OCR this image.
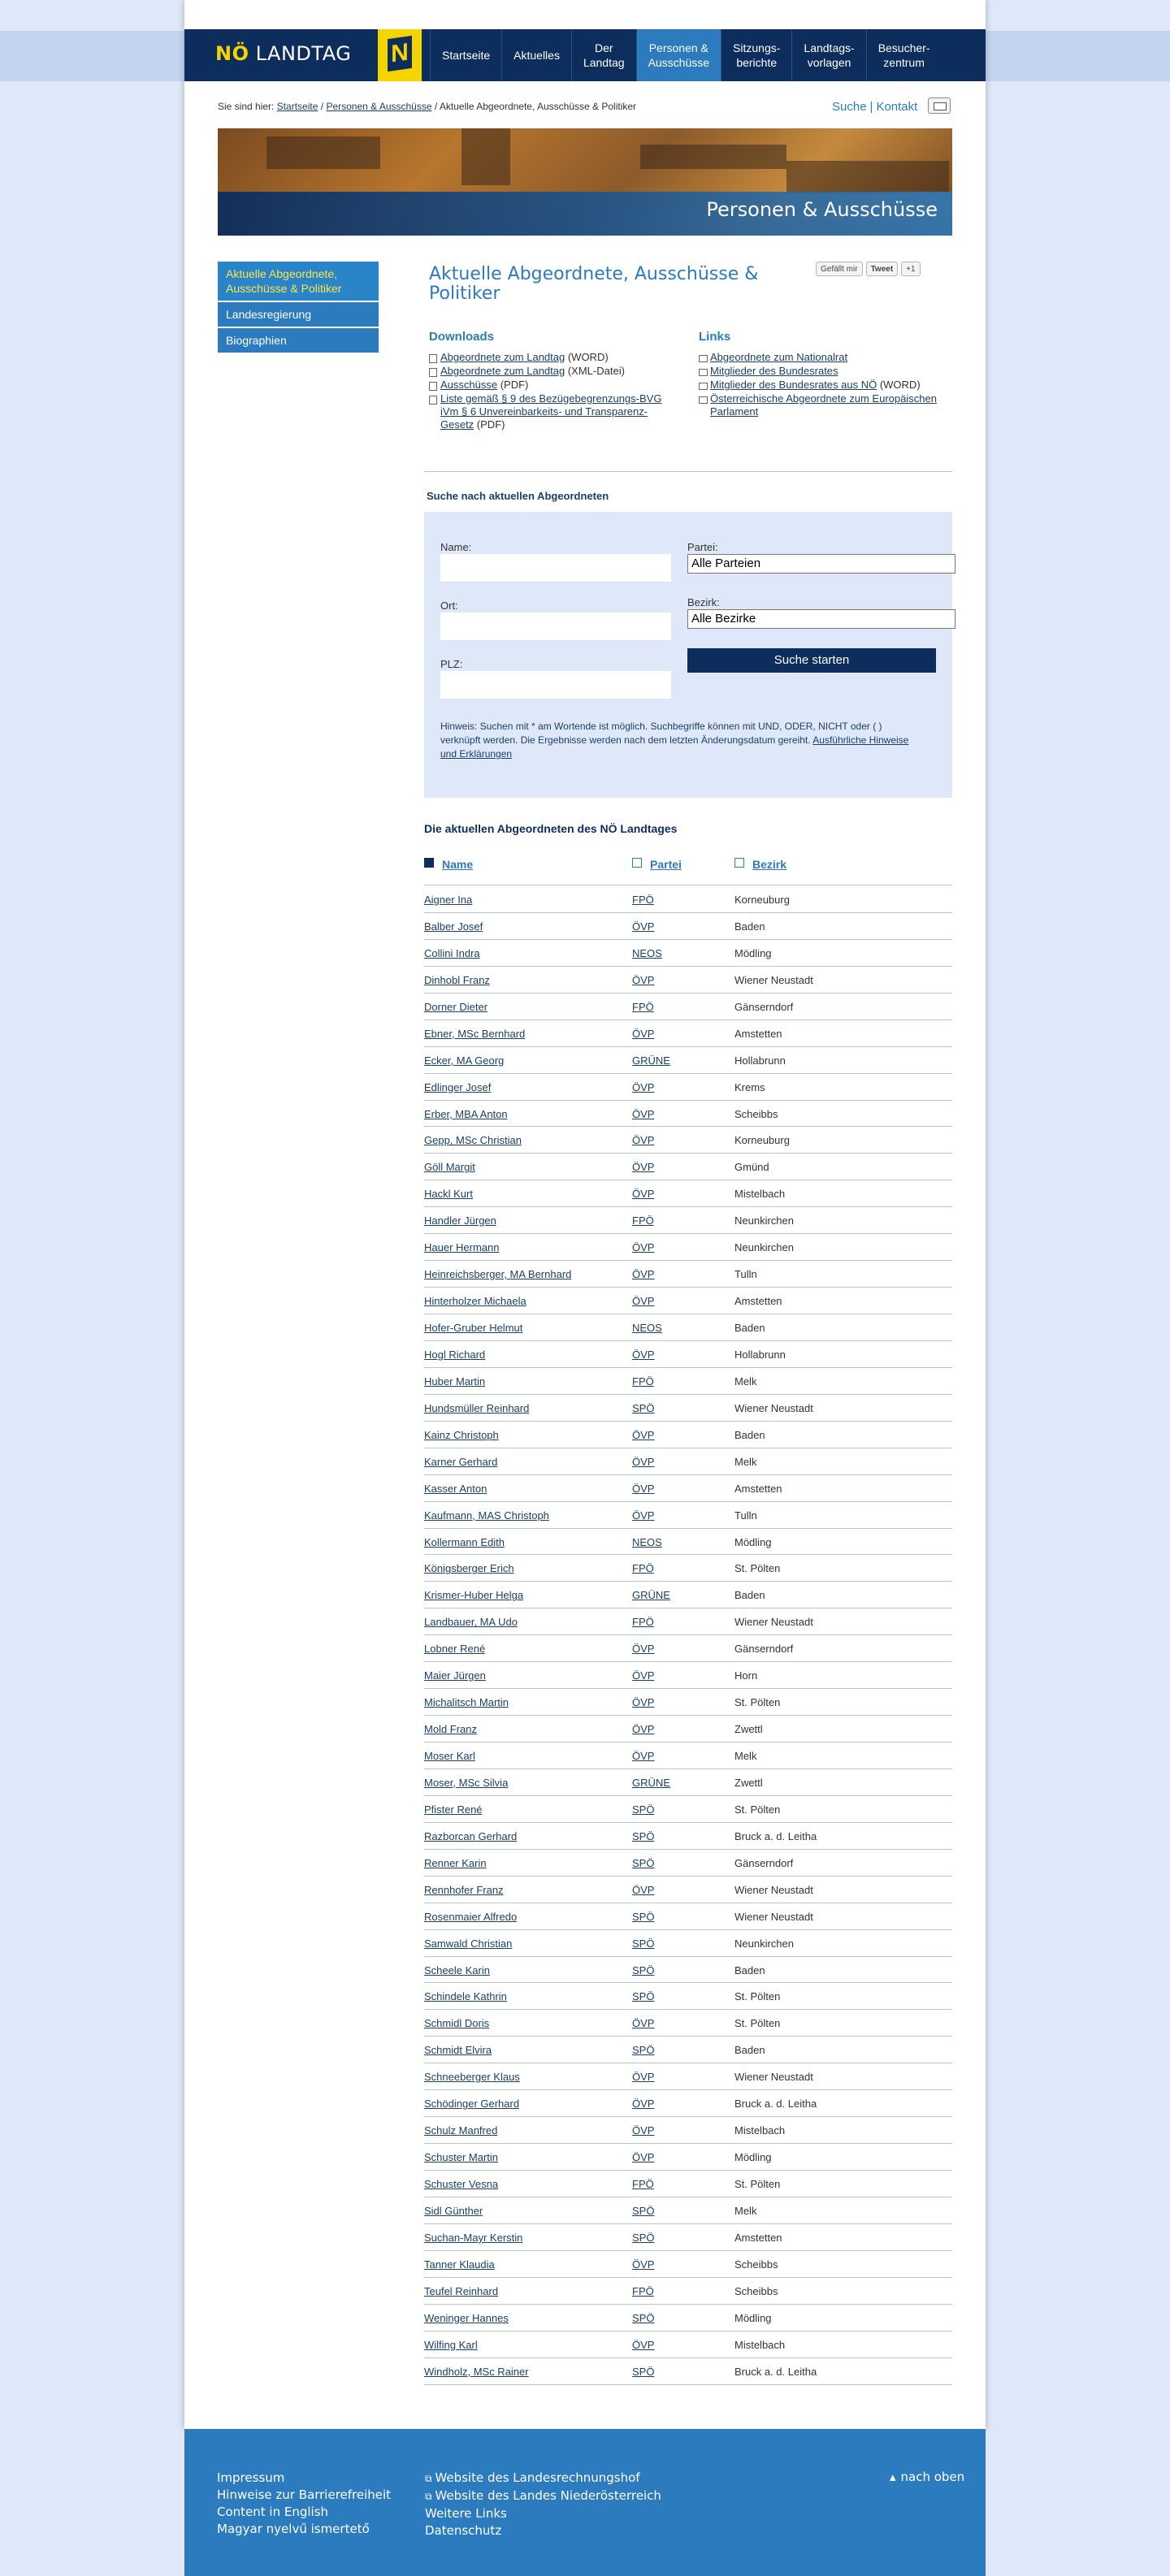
NÖ LANDTAG N	Startseite	Aktuelles
Der
Landtag
Personen &
Ausschüsse
Sitzungs-
berichte
Landtags-
vorlagen
Besucher-
zentrum
Sie sind hier: Startseite / Personen & Ausschüsse / Aktuelle Abgeordnete, Ausschüsse & Politiker	Suche | Kontakt
Personen & Ausschüsse
Aktuelle Abgeordnete, Ausschüsse & Politiker
Landesregierung
Biographien
Aktuelle Abgeordnete, Ausschüsse & Politiker
Gefällt mir	Tweet	+1
Downloads
Abgeordnete zum Landtag (WORD)
Abgeordnete zum Landtag (XML-Datei)
Ausschüsse (PDF)
Liste gemäß § 9 des Bezügebegrenzungs-BVG iVm § 6 Unvereinbarkeits- und Transparenz-Gesetz (PDF)
Links
Abgeordnete zum Nationalrat
Mitglieder des Bundesrates
Mitglieder des Bundesrates aus NÖ (WORD)
Österreichische Abgeordnete zum Europäischen Parlament
Suche nach aktuellen Abgeordneten
Name:
Ort:
PLZ:
Partei:
Alle Parteien
Bezirk:
Alle Bezirke
Suche starten
Hinweis: Suchen mit * am Wortende ist möglich. Suchbegriffe können mit UND, ODER, NICHT oder ( ) verknüpft werden. Die Ergebnisse werden nach dem letzten Änderungsdatum gereiht. Ausführliche Hinweise und Erklärungen
Die aktuellen Abgeordneten des NÖ Landtages
Name	Partei	Bezirk
Aigner Ina	FPÖ	Korneuburg
Balber Josef	ÖVP	Baden
Collini Indra	NEOS	Mödling
Dinhobl Franz	ÖVP	Wiener Neustadt
Dorner Dieter	FPÖ	Gänserndorf
Ebner, MSc Bernhard	ÖVP	Amstetten
Ecker, MA Georg	GRÜNE	Hollabrunn
Edlinger Josef	ÖVP	Krems
Erber, MBA Anton	ÖVP	Scheibbs
Gepp, MSc Christian	ÖVP	Korneuburg
Göll Margit	ÖVP	Gmünd
Hackl Kurt	ÖVP	Mistelbach
Handler Jürgen	FPÖ	Neunkirchen
Hauer Hermann	ÖVP	Neunkirchen
Heinreichsberger, MA Bernhard	ÖVP	Tulln
Hinterholzer Michaela	ÖVP	Amstetten
Hofer-Gruber Helmut	NEOS	Baden
Hogl Richard	ÖVP	Hollabrunn
Huber Martin	FPÖ	Melk
Hundsmüller Reinhard	SPÖ	Wiener Neustadt
Kainz Christoph	ÖVP	Baden
Karner Gerhard	ÖVP	Melk
Kasser Anton	ÖVP	Amstetten
Kaufmann, MAS Christoph	ÖVP	Tulln
Kollermann Edith	NEOS	Mödling
Königsberger Erich	FPÖ	St. Pölten
Krismer-Huber Helga	GRÜNE	Baden
Landbauer, MA Udo	FPÖ	Wiener Neustadt
Lobner René	ÖVP	Gänserndorf
Maier Jürgen	ÖVP	Horn
Michalitsch Martin	ÖVP	St. Pölten
Mold Franz	ÖVP	Zwettl
Moser Karl	ÖVP	Melk
Moser, MSc Silvia	GRÜNE	Zwettl
Pfister René	SPÖ	St. Pölten
Razborcan Gerhard	SPÖ	Bruck a. d. Leitha
Renner Karin	SPÖ	Gänserndorf
Rennhofer Franz	ÖVP	Wiener Neustadt
Rosenmaier Alfredo	SPÖ	Wiener Neustadt
Samwald Christian	SPÖ	Neunkirchen
Scheele Karin	SPÖ	Baden
Schindele Kathrin	SPÖ	St. Pölten
Schmidl Doris	ÖVP	St. Pölten
Schmidt Elvira	SPÖ	Baden
Schneeberger Klaus	ÖVP	Wiener Neustadt
Schödinger Gerhard	ÖVP	Bruck a. d. Leitha
Schulz Manfred	ÖVP	Mistelbach
Schuster Martin	ÖVP	Mödling
Schuster Vesna	FPÖ	St. Pölten
Sidl Günther	SPÖ	Melk
Suchan-Mayr Kerstin	SPÖ	Amstetten
Tanner Klaudia	ÖVP	Scheibbs
Teufel Reinhard	FPÖ	Scheibbs
Weninger Hannes	SPÖ	Mödling
Wilfing Karl	ÖVP	Mistelbach
Windholz, MSc Rainer	SPÖ	Bruck a. d. Leitha
Impressum
Hinweise zur Barrierefreiheit
Content in English
Magyar nyelvű ismertető
⧉ Website des Landesrechnungshof
⧉ Website des Landes Niederösterreich
Weitere Links
Datenschutz
▴ nach oben
